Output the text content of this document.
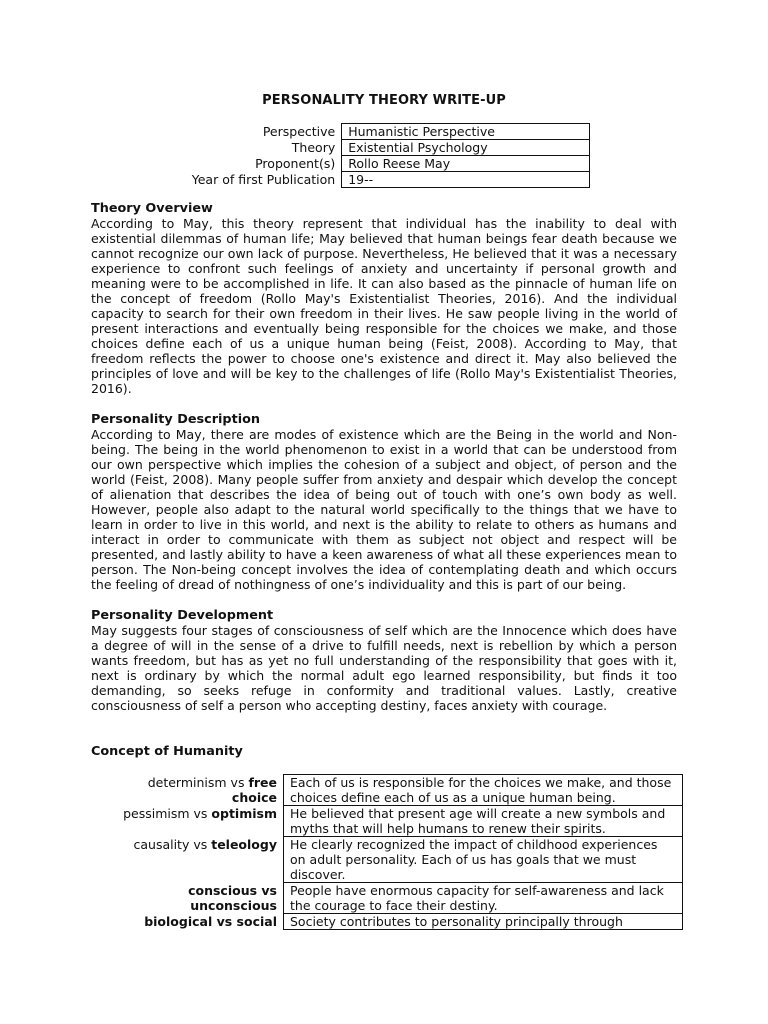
PERSONALITY THEORY WRITE-UP
Perspective	Humanistic Perspective
Theory	Existential Psychology
Proponent(s)	Rollo Reese May
Year of first Publication	19--
Theory Overview

According to May, this theory represent that individual has the inability to deal with existential dilemmas of human life; May believed that human beings fear death because we cannot recognize our own lack of purpose. Nevertheless, He believed that it was a necessary experience to confront such feelings of anxiety and uncertainty if personal growth and meaning were to be accomplished in life. It can also based as the pinnacle of human life on the concept of freedom (Rollo May's Existentialist Theories, 2016). And the individual capacity to search for their own freedom in their lives. He saw people living in the world of present interactions and eventually being responsible for the choices we make, and those choices define each of us a unique human being (Feist, 2008). According to May, that freedom reflects the power to choose one's existence and direct it. May also believed the principles of love and will be key to the challenges of life (Rollo May's Existentialist Theories, 2016).

Personality Description

According to May, there are modes of existence which are the Being in the world and Non-being. The being in the world phenomenon to exist in a world that can be understood from our own perspective which implies the cohesion of a subject and object, of person and the world (Feist, 2008). Many people suffer from anxiety and despair which develop the concept of alienation that describes the idea of being out of touch with one’s own body as well. However, people also adapt to the natural world specifically to the things that we have to learn in order to live in this world, and next is the ability to relate to others as humans and interact in order to communicate with them as subject not object and respect will be presented, and lastly ability to have a keen awareness of what all these experiences mean to person. The Non-being concept involves the idea of contemplating death and which occurs the feeling of dread of nothingness of one’s individuality and this is part of our being.

Personality Development

May suggests four stages of consciousness of self which are the Innocence which does have a degree of will in the sense of a drive to fulfill needs, next is rebellion by which a person wants freedom, but has as yet no full understanding of the responsibility that goes with it, next is ordinary by which the normal adult ego learned responsibility, but finds it too demanding, so seeks refuge in conformity and traditional values. Lastly, creative consciousness of self a person who accepting destiny, faces anxiety with courage.

Concept of Humanity
determinism vs free choice	Each of us is responsible for the choices we make, and those choices define each of us as a unique human being.
pessimism vs optimism	He believed that present age will create a new symbols and myths that will help humans to renew their spirits.
causality vs teleology	He clearly recognized the impact of childhood experiences on adult personality. Each of us has goals that we must discover.
conscious vs unconscious	People have enormous capacity for self-awareness and lack the courage to face their destiny.
biological vs social	Society contributes to personality principally through
